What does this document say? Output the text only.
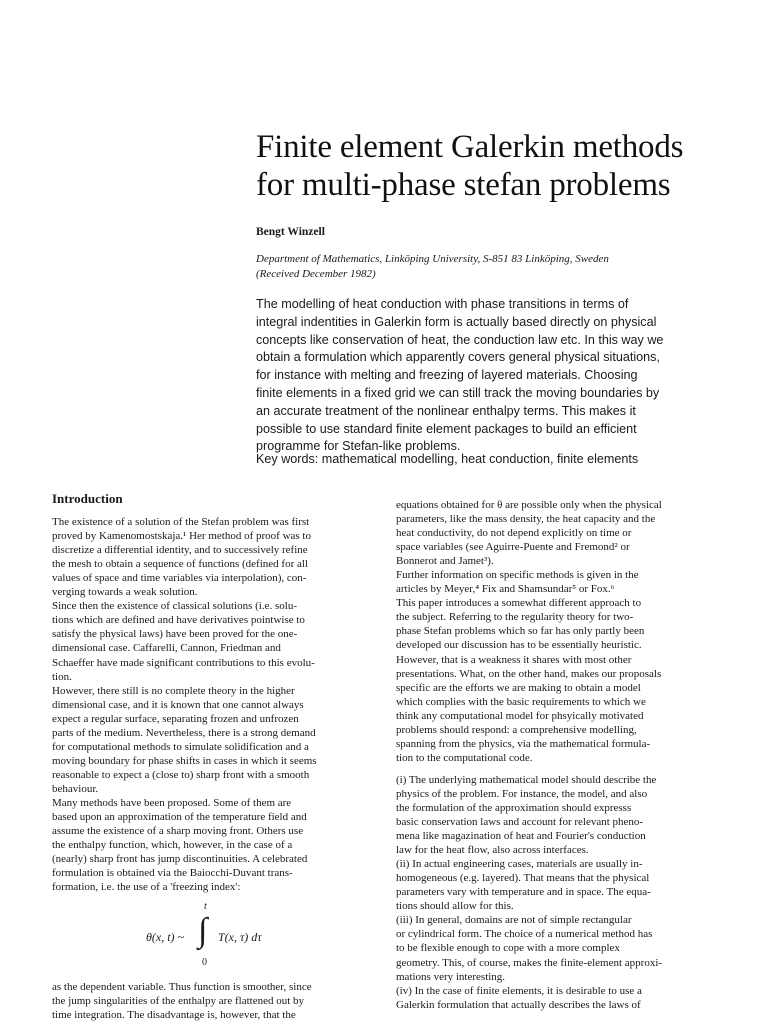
Finite element Galerkin methods
for multi-phase stefan problems
Bengt Winzell
Department of Mathematics, Linköping University, S-851 83 Linköping, Sweden
(Received December 1982)
The modelling of heat conduction with phase transitions in terms of
integral indentities in Galerkin form is actually based directly on physical
concepts like conservation of heat, the conduction law etc. In this way we
obtain a formulation which apparently covers general physical situations,
for instance with melting and freezing of layered materials. Choosing
finite elements in a fixed grid we can still track the moving boundaries by
an accurate treatment of the nonlinear enthalpy terms. This makes it
possible to use standard finite element packages to build an efficient
programme for Stefan-like problems.
Key words: mathematical modelling, heat conduction, finite elements
Introduction
The existence of a solution of the Stefan problem was first
proved by Kamenomostskaja.¹ Her method of proof was to
discretize a differential identity, and to successively refine
the mesh to obtain a sequence of functions (defined for all
values of space and time variables via interpolation), con-
verging towards a weak solution.
Since then the existence of classical solutions (i.e. solu-
tions which are defined and have derivatives pointwise to
satisfy the physical laws) have been proved for the one-
dimensional case. Caffarelli, Cannon, Friedman and
Schaeffer have made significant contributions to this evolu-
tion.
However, there still is no complete theory in the higher
dimensional case, and it is known that one cannot always
expect a regular surface, separating frozen and unfrozen
parts of the medium. Nevertheless, there is a strong demand
for computational methods to simulate solidification and a
moving boundary for phase shifts in cases in which it seems
reasonable to expect a (close to) sharp front with a smooth
behaviour.
Many methods have been proposed. Some of them are
based upon an approximation of the temperature field and
assume the existence of a sharp moving front. Others use
the enthalpy function, which, however, in the case of a
(nearly) sharp front has jump discontinuities. A celebrated
formulation is obtained via the Baiocchi-Duvant trans-
formation, i.e. the use of a 'freezing index':
θ(x, t) ~
t
∫
0
T(x, τ) dτ
as the dependent variable. Thus function is smoother, since
the jump singularities of the enthalpy are flattened out by
time integration. The disadvantage is, however, that the
equations obtained for θ are possible only when the physical
parameters, like the mass density, the heat capacity and the
heat conductivity, do not depend explicitly on time or
space variables (see Aguirre-Puente and Fremond² or
Bonnerot and Jamet³).
Further information on specific methods is given in the
articles by Meyer,⁴ Fix and Shamsundar⁵ or Fox.⁶
This paper introduces a somewhat different approach to
the subject. Referring to the regularity theory for two-
phase Stefan problems which so far has only partly been
developed our discussion has to be essentially heuristic.
However, that is a weakness it shares with most other
presentations. What, on the other hand, makes our proposals
specific are the efforts we are making to obtain a model
which complies with the basic requirements to which we
think any computational model for phsyically motivated
problems should respond: a comprehensive modelling,
spanning from the physics, via the mathematical formula-
tion to the computational code.
(i) The underlying mathematical model should describe the
physics of the problem. For instance, the model, and also
the formulation of the approximation should expresss
basic conservation laws and account for relevant pheno-
mena like magazination of heat and Fourier's conduction
law for the heat flow, also across interfaces.
(ii) In actual engineering cases, materials are usually in-
homogeneous (e.g. layered). That means that the physical
parameters vary with temperature and in space. The equa-
tions should allow for this.
(iii) In general, domains are not of simple rectangular
or cylindrical form. The choice of a numerical method has
to be flexible enough to cope with a more complex
geometry. This, of course, makes the finite-element approxi-
mations very interesting.
(iv) In the case of finite elements, it is desirable to use a
Galerkin formulation that actually describes the laws of
